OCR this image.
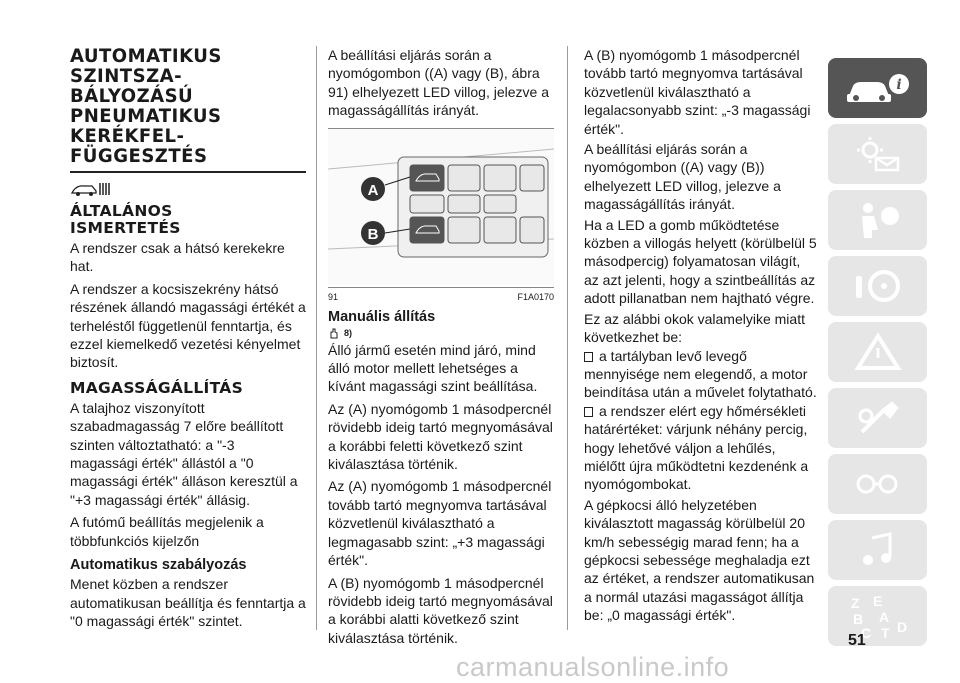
AUTOMATIKUS
SZINTSZA-
BÁLYOZÁSÚ
PNEUMATIKUS
KERÉKFEL-
FÜGGESZTÉS
ÁLTALÁNOS
ISMERTETÉS

A rendszer csak a hátsó kerekekre hat.

A rendszer a kocsiszekrény hátsó részének állandó magassági értékét a terheléstől függetlenül fenntartja, és ezzel kiemelkedő vezetési kényelmet biztosít.

MAGASSÁGÁLLÍTÁS

A talajhoz viszonyított szabadmagasság 7 előre beállított szinten változtatható: a "-3 magassági érték" állástól a "0 magassági érték" álláson keresztül a "+3 magassági érték" állásig.

A futómű beállítás megjelenik a többfunkciós kijelzőn

Automatikus szabályozás

Menet közben a rendszer automatikusan beállítja és fenntartja a "0 magassági érték" szintet.

A beállítási eljárás során a nyomógombon ((A) vagy (B), ábra 91) elhelyezett LED villog, jelezve a magasságállítás irányát.

A
B
91	F1A0170
Manuális állítás
8)

Álló jármű esetén mind járó, mind álló motor mellett lehetséges a kívánt magassági szint beállítása.

Az (A) nyomógomb 1 másodpercnél rövidebb ideig tartó megnyomásával a korábbi feletti következő szint kiválasztása történik.

Az (A) nyomógomb 1 másodpercnél tovább tartó megnyomva tartásával közvetlenül kiválasztható a legmagasabb szint: „+3 magassági érték".

A (B) nyomógomb 1 másodpercnél rövidebb ideig tartó megnyomásával a korábbi alatti következő szint kiválasztása történik.

A (B) nyomógomb 1 másodpercnél tovább tartó megnyomva tartásával közvetlenül kiválasztható a legalacsonyabb szint: „-3 magassági érték".

A beállítási eljárás során a nyomógombon ((A) vagy (B)) elhelyezett LED villog, jelezve a magasságállítás irányát.

Ha a LED a gomb működtetése közben a villogás helyett (körülbelül 5 másodpercig) folyamatosan világít, az azt jelenti, hogy a szintbeállítás az adott pillanatban nem hajtható végre.

Ez az alábbi okok valamelyike miatt következhet be:

a tartályban levő levegő mennyisége nem elegendő, a motor beindítása után a művelet folytatható.

a rendszer elért egy hőmérsékleti határértéket: várjunk néhány percig, hogy lehetővé váljon a lehűlés,

miélőtt újra működtetni kezdenénk a nyomógombokat.

A gépkocsi álló helyzetében kiválasztott magasság körülbelül 20 km/h sebességig marad fenn; ha a gépkocsi sebessége meghaladja ezt az értéket, a rendszer automatikusan a normál utazási magasságot állítja be: „0 magassági érték".

i
Z E
B A
C T D
51
carmanualsonline.info
